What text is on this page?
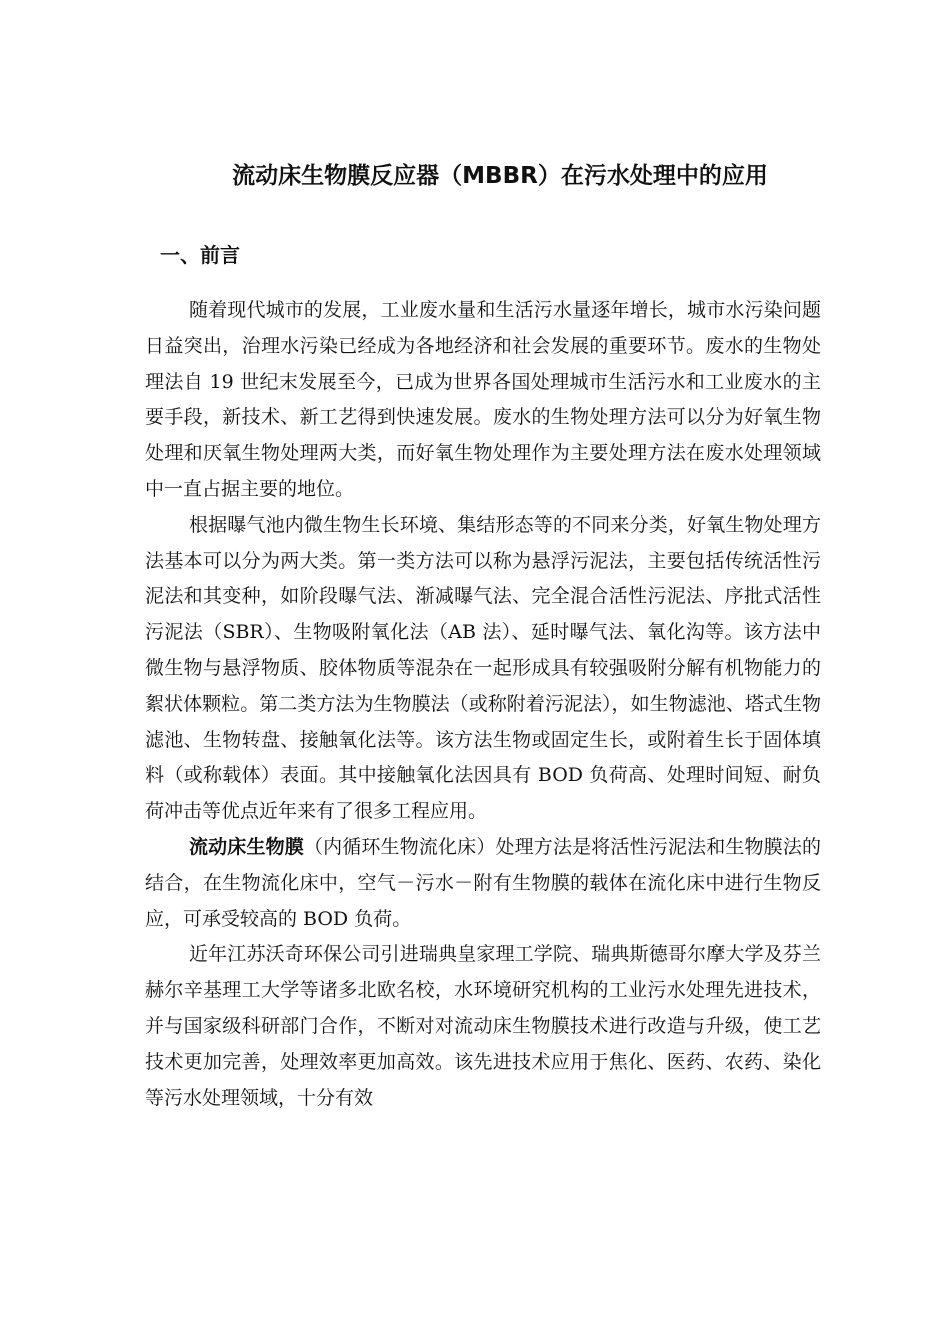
流动床生物膜反应器（MBBR）在污水处理中的应用
一、前言

随着现代城市的发展，工业废水量和生活污水量逐年增长，城市水污染问题日益突出，治理水污染已经成为各地经济和社会发展的重要环节。废水的生物处理法自 19 世纪末发展至今，已成为世界各国处理城市生活污水和工业废水的主要手段，新技术、新工艺得到快速发展。废水的生物处理方法可以分为好氧生物处理和厌氧生物处理两大类，而好氧生物处理作为主要处理方法在废水处理领域中一直占据主要的地位。

根据曝气池内微生物生长环境、集结形态等的不同来分类，好氧生物处理方法基本可以分为两大类。第一类方法可以称为悬浮污泥法，主要包括传统活性污泥法和其变种，如阶段曝气法、渐减曝气法、完全混合活性污泥法、序批式活性污泥法（SBR）、生物吸附氧化法（AB 法）、延时曝气法、氧化沟等。该方法中微生物与悬浮物质、胶体物质等混杂在一起形成具有较强吸附分解有机物能力的絮状体颗粒。第二类方法为生物膜法（或称附着污泥法），如生物滤池、塔式生物滤池、生物转盘、接触氧化法等。该方法生物或固定生长，或附着生长于固体填料（或称载体）表面。其中接触氧化法因具有 BOD 负荷高、处理时间短、耐负荷冲击等优点近年来有了很多工程应用。

流动床生物膜（内循环生物流化床）处理方法是将活性污泥法和生物膜法的结合，在生物流化床中，空气－污水－附有生物膜的载体在流化床中进行生物反应，可承受较高的 BOD 负荷。

近年江苏沃奇环保公司引进瑞典皇家理工学院、瑞典斯德哥尔摩大学及芬兰赫尔辛基理工大学等诸多北欧名校，水环境研究机构的工业污水处理先进技术，并与国家级科研部门合作，不断对对流动床生物膜技术进行改造与升级，使工艺技术更加完善，处理效率更加高效。该先进技术应用于焦化、医药、农药、染化等污水处理领域，十分有效
